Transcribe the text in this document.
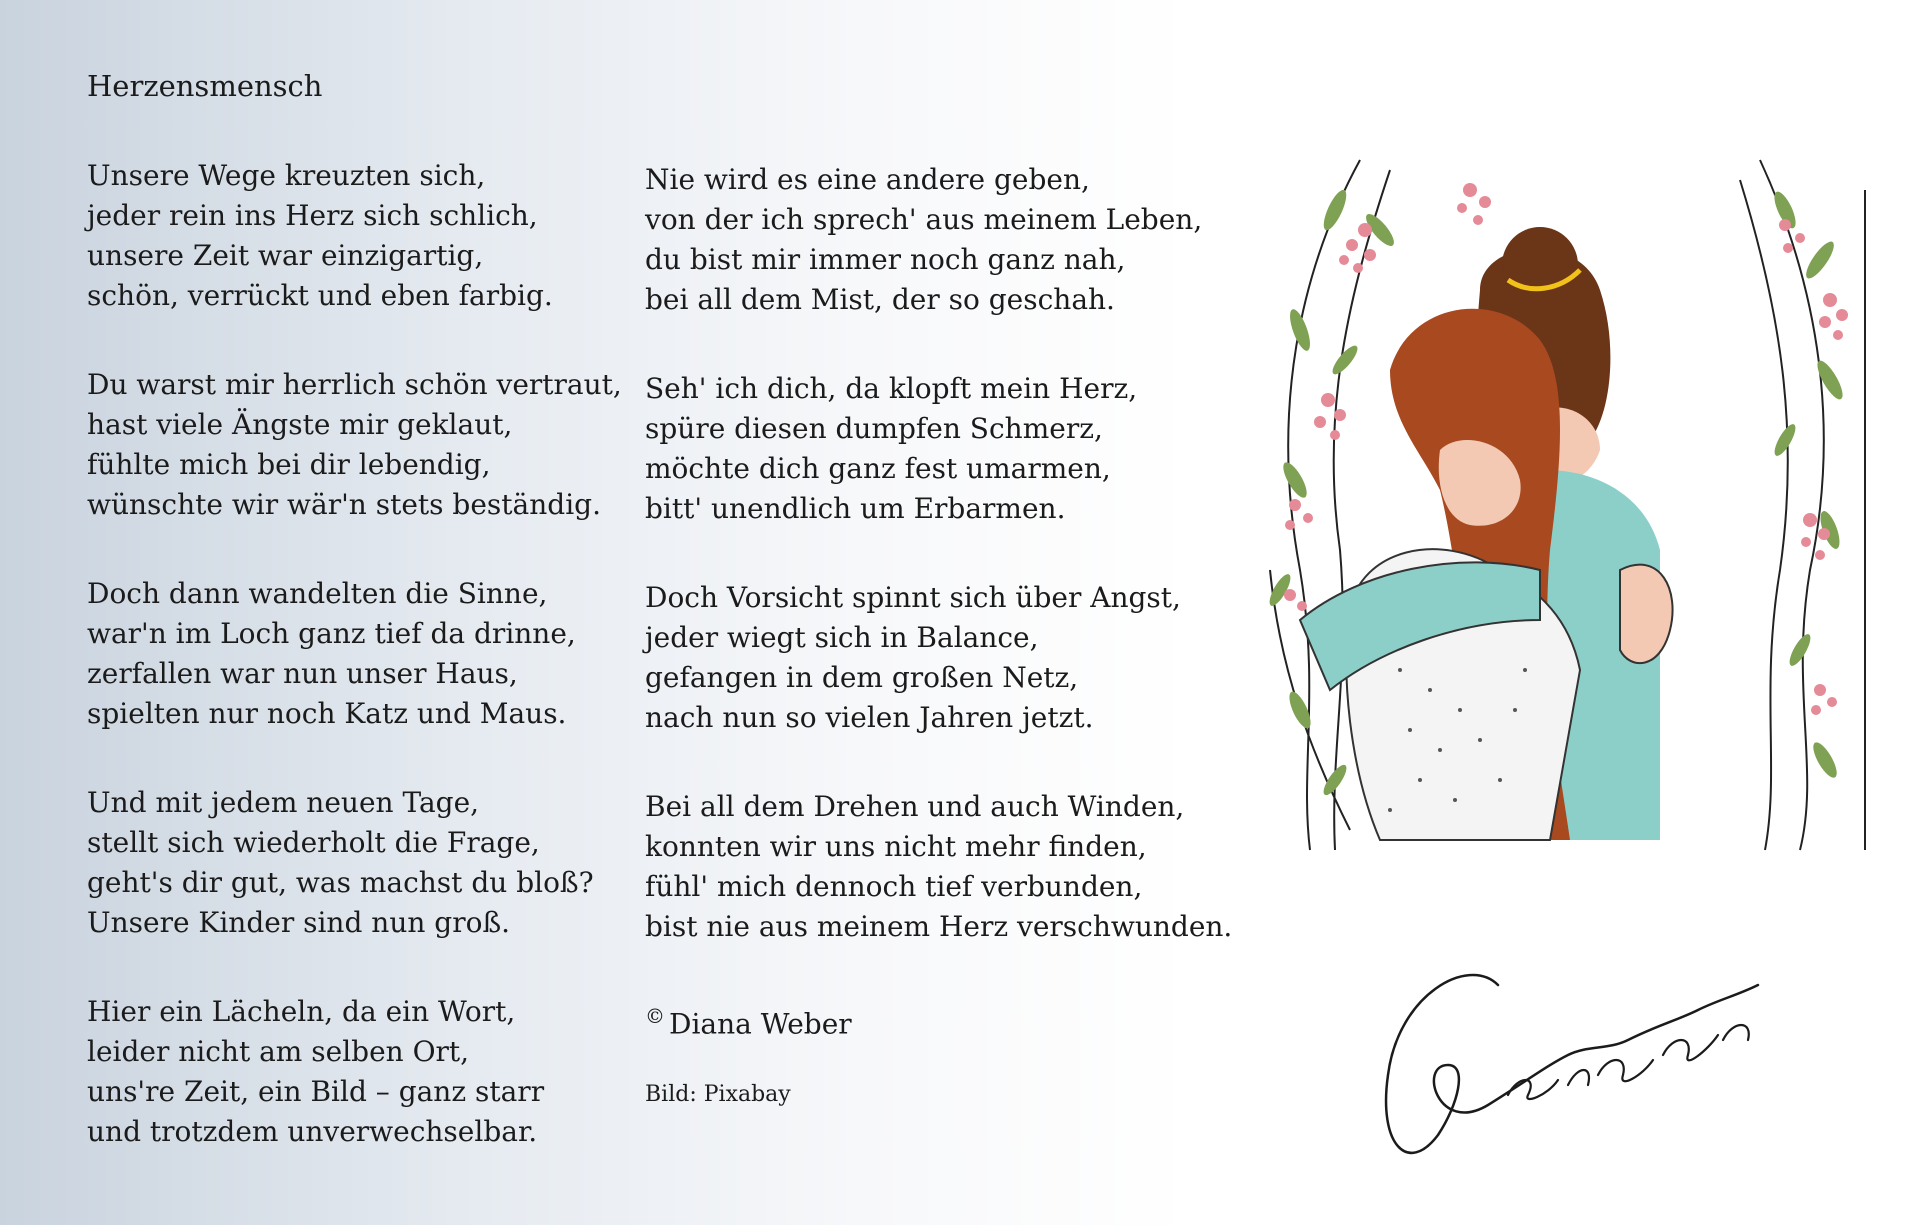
Herzensmensch

Unsere Wege kreuzten sich,
jeder rein ins Herz sich schlich,
unsere Zeit war einzigartig,
schön, verrückt und eben farbig.

Du warst mir herrlich schön vertraut,
hast viele Ängste mir geklaut,
fühlte mich bei dir lebendig,
wünschte wir wär'n stets beständig.

Doch dann wandelten die Sinne,
war'n im Loch ganz tief da drinne,
zerfallen war nun unser Haus,
spielten nur noch Katz und Maus.

Und mit jedem neuen Tage,
stellt sich wiederholt die Frage,
geht's dir gut, was machst du bloß?
Unsere Kinder sind nun groß.

Hier ein Lächeln, da ein Wort,
leider nicht am selben Ort,
uns're Zeit, ein Bild – ganz starr
und trotzdem unverwechselbar.

Nie wird es eine andere geben,
von der ich sprech' aus meinem Leben,
du bist mir immer noch ganz nah,
bei all dem Mist, der so geschah.

Seh' ich dich, da klopft mein Herz,
spüre diesen dumpfen Schmerz,
möchte dich ganz fest umarmen,
bitt' unendlich um Erbarmen.

Doch Vorsicht spinnt sich über Angst,
jeder wiegt sich in Balance,
gefangen in dem großen Netz,
nach nun so vielen Jahren jetzt.

Bei all dem Drehen und auch Winden,
konnten wir uns nicht mehr finden,
fühl' mich dennoch tief verbunden,
bist nie aus meinem Herz verschwunden.

© Diana Weber

Bild: Pixabay
